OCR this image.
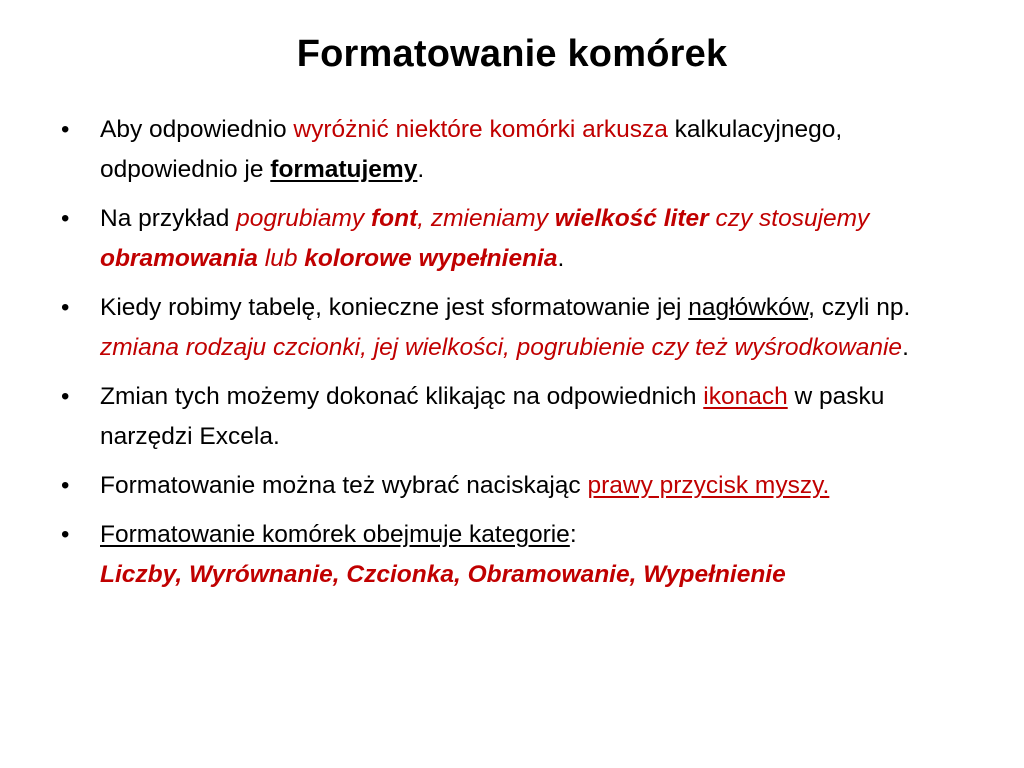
Formatowanie komórek
• Aby odpowiednio wyróżnić niektóre komórki arkusza kalkulacyjnego, odpowiednio je formatujemy.
• Na przykład pogrubiamy font, zmieniamy wielkość liter czy stosujemy obramowania lub kolorowe wypełnienia.
• Kiedy robimy tabelę, konieczne jest sformatowanie jej nagłówków, czyli np. zmiana rodzaju czcionki, jej wielkości, pogrubienie czy też wyśrodkowanie.
• Zmian tych możemy dokonać klikając na odpowiednich ikonach w pasku narzędzi Excela.
• Formatowanie można też wybrać naciskając prawy przycisk myszy.
• Formatowanie komórek obejmuje kategorie:
Liczby, Wyrównanie, Czcionka, Obramowanie, Wypełnienie
